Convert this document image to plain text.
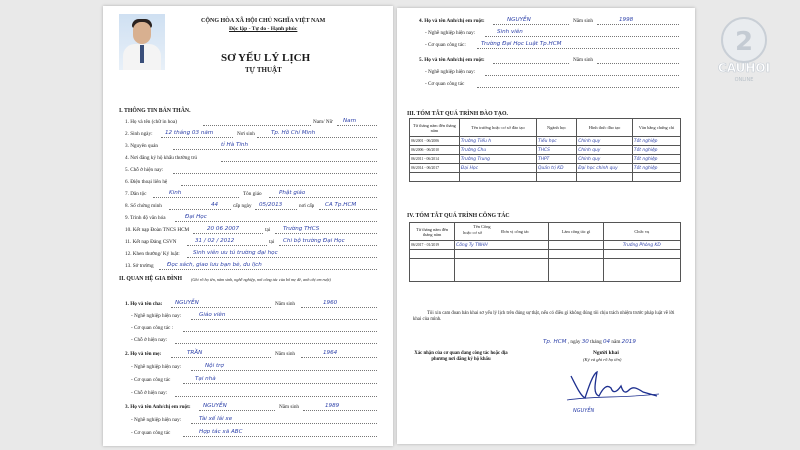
CỘNG HÒA XÃ HỘI CHỦ NGHĨA VIỆT NAM
Độc lập - Tự do - Hạnh phúc
SƠ YẾU LÝ LỊCH
TỰ THUẬT
I. THÔNG TIN BẢN THÂN.
1. Họ và tên (chữ in hoa)	Nam/ Nữ Nam
2. Sinh ngày: 12 tháng 03 năm	Nơi sinh	Tp. Hồ Chí Minh
3. Nguyên quán	tỉ Hà Tĩnh
4. Nơi đăng ký hộ khẩu thường trú
5. Chỗ ở hiện nay:
6. Điện thoại liên hệ
7. Dân tộc	Kinh	Tôn giáo	Phật giáo
8. Số chứng minh	44	cấp ngày 05/2013	nơi cấp CA Tp.HCM
9. Trình độ văn hóa	Đại Học
10. Kết nạp Đoàn TNCS HCM	20 06 2007	tại Trường THCS
11. Kết nạp Đảng CSVN	31 / 02 / 2012	tại Chi bộ trường Đại Học
12. Khen thưởng/ Kỷ luật: Sinh viên ưu tú trường đại học
13. Sở trường Đọc sách, giao lưu bạn bè, du lịch
II. QUAN HỆ GIA ĐÌNH (Ghi rõ họ tên, năm sinh, nghề nghiệp, nơi công tác của bố mẹ đẻ, anh chị em ruột)
1. Họ và tên cha: NGUYỄN	Năm sinh	1960
- Nghề nghiệp hiện nay:	Giáo viên
- Cơ quan công tác :
- Chỗ ở hiện nay:
2. Họ và tên mẹ:	TRẦN	Năm sinh	1964
- Nghề nghiệp hiện nay:	Nội trợ
- Cơ quan công tác	Tại nhà
- Chỗ ở hiện nay:
3. Họ và tên Anh/chị em ruột: NGUYỄN	Năm sinh	1989
- Nghề nghiệp hiện nay:	Tài xế lái xe
- Cơ quan công tác	Hợp tác xã ABC
4. Họ và tên Anh/chị em ruột:	NGUYỄN	Năm sinh	1998
- Nghề nghiệp hiện nay:	Sinh viên
- Cơ quan công tác:	Trường Đại Học Luật Tp.HCM
5. Họ và tên Anh/chị em ruột:	Năm sinh
- Nghề nghiệp hiện nay:
- Cơ quan công tác
III. TÓM TẮT QUÁ TRÌNH ĐÀO TẠO.
Từ tháng năm đến tháng năm	Tên trường hoặc cơ sở đào tạo	Ngành học	Hình thức đào tạo	Văn bằng chứng chỉ
06/2001 - 06/2006	Trường Tiểu h	Tiểu học	Chính quy	Tốt nghiệp
06/2006 - 06/2010	Trường Chu	THCS	Chính quy	Tốt nghiệp
06/2011 - 06/2014	Trường Trung	THPT	Chính quy	Tốt nghiệp
06/2014 - 06/2017	Đại Học	Quản trị KD	Đại học chính quy	Tốt nghiệp

IV. TÓM TẮT QUÁ TRÌNH CÔNG TÁC
Từ tháng năm đến tháng năm	Tên Công
hoặc cơ sở Đơn vị công tác	Làm công tác gì	Chức vụ
06/2017 - 01/2019	Công Ty TNHH		Trưởng Phòng KD

Tôi xin cam đoan bản khai sơ yếu lý lịch trên đúng sự thật, nếu có điều gì không đúng tôi chịu trách nhiệm trước pháp luật về lời khai của mình.
Tp. HCM , ngày 30 tháng 04 năm 2019
Xác nhận của cơ quan đang công tác hoặc địa phương nơi đăng ký hộ khẩu
Người khai
(Ký và ghi rõ họ tên)
NGUYỄN
2
CAUHOI
ONLINE
